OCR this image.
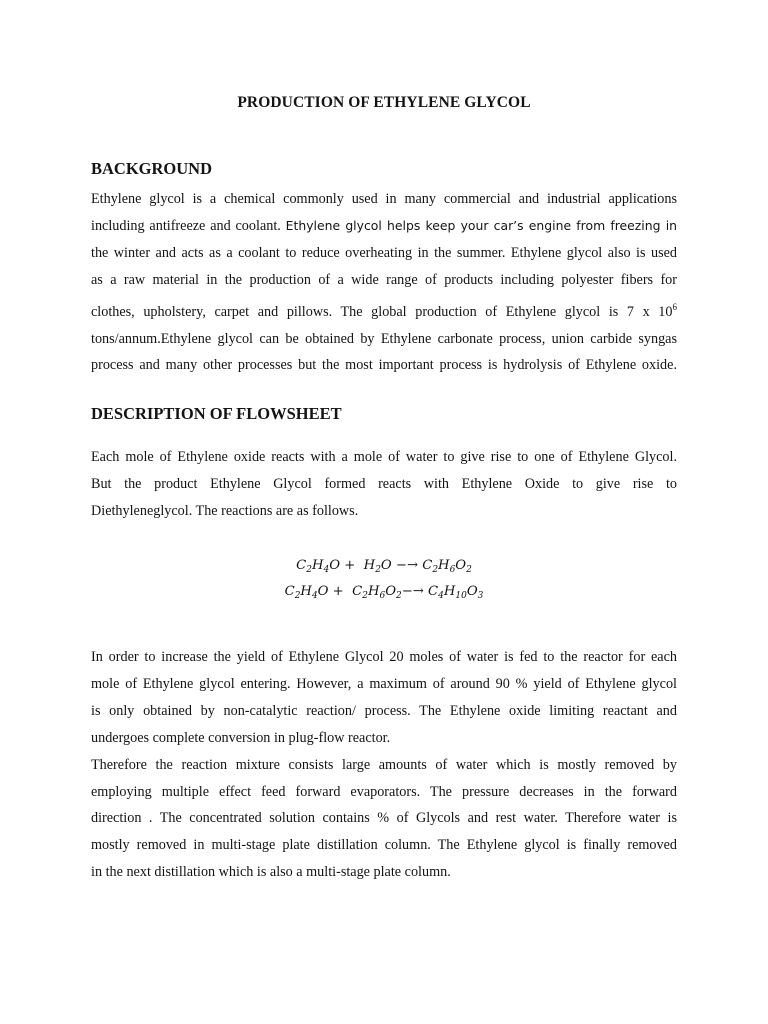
PRODUCTION OF ETHYLENE GLYCOL
BACKGROUND
Ethylene glycol is a chemical commonly used in many commercial and industrial applications
including antifreeze and coolant. Ethylene glycol helps keep your car’s engine from freezing in
the winter and acts as a coolant to reduce overheating in the summer. Ethylene glycol also is used
as a raw material in the production of a wide range of products including polyester fibers for
clothes, upholstery, carpet and pillows. The global production of Ethylene glycol is 7 x $10^6$
tons/annum.Ethylene glycol can be obtained by Ethylene carbonate process, union carbide syngas
process and many other processes but the most important process is hydrolysis of Ethylene oxide.
DESCRIPTION OF FLOWSHEET
Each mole of Ethylene oxide reacts with a mole of water to give rise to one of Ethylene Glycol.
But the product Ethylene Glycol formed reacts with Ethylene Oxide to give rise to
Diethyleneglycol. The reactions are as follows.
$C_2H_4O + H_2O -\to C_2H_6O_2$
$C_2H_4O + C_2H_6O_2-\to C_4H_{10}O_3$
In order to increase the yield of Ethylene Glycol 20 moles of water is fed to the reactor for each
mole of Ethylene glycol entering. However, a maximum of around 90 % yield of Ethylene glycol
is only obtained by non-catalytic reaction/ process. The Ethylene oxide limiting reactant and
undergoes complete conversion in plug-flow reactor.
Therefore the reaction mixture consists large amounts of water which is mostly removed by
employing multiple effect feed forward evaporators. The pressure decreases in the forward
direction . The concentrated solution contains % of Glycols and rest water. Therefore water is
mostly removed in multi-stage plate distillation column. The Ethylene glycol is finally removed
in the next distillation which is also a multi-stage plate column.
